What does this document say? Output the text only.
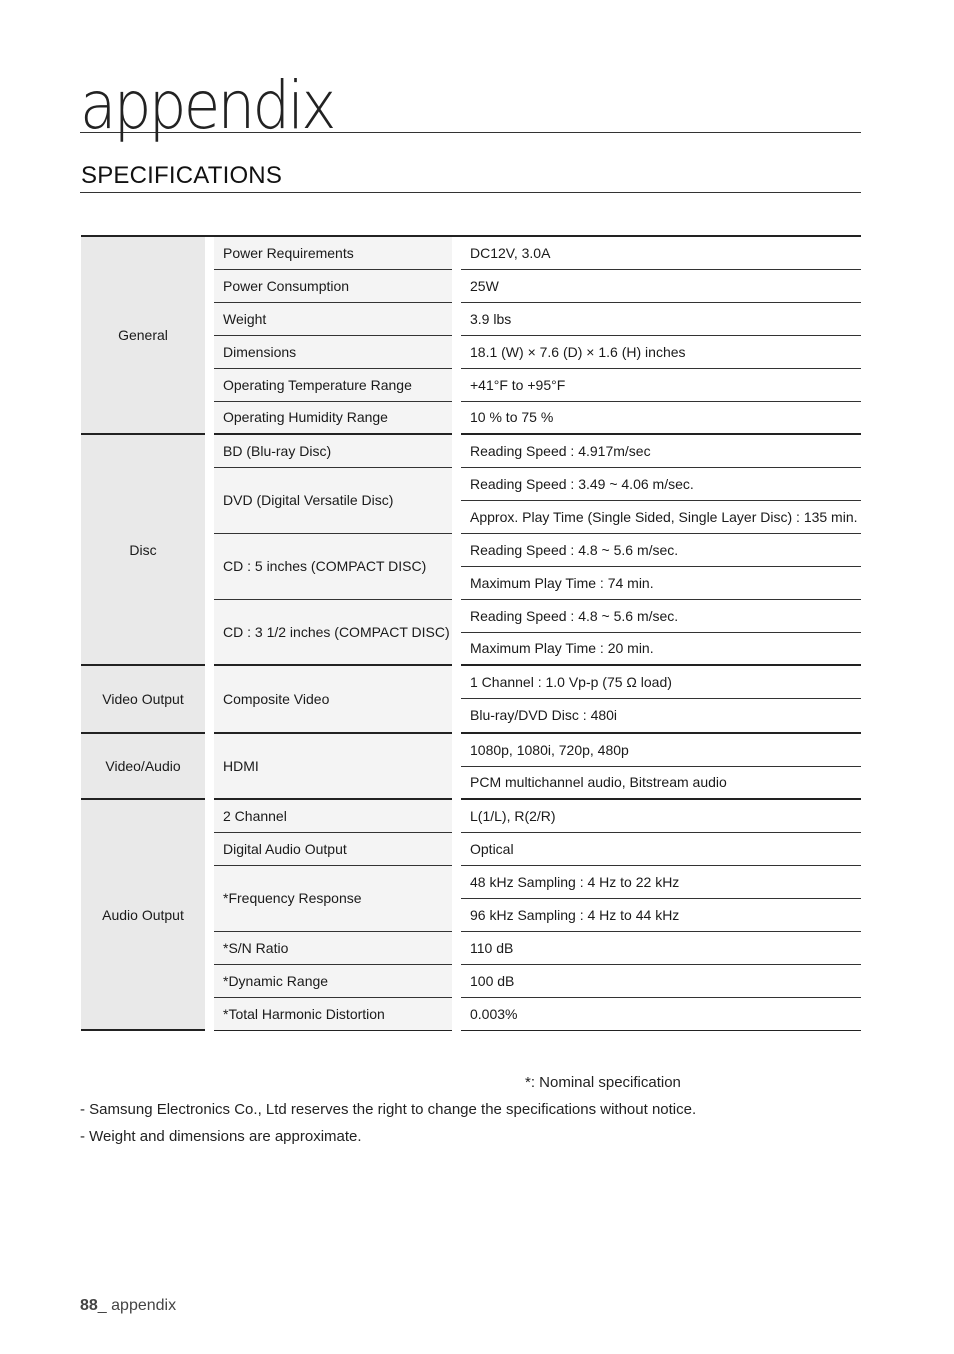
appendix
SPECIFICATIONS
General		Power Requirements		DC12V, 3.0A
		Power Consumption		25W
		Weight		3.9 lbs
		Dimensions		18.1 (W) × 7.6 (D) × 1.6 (H) inches
		Operating Temperature Range		+41°F to +95°F
		Operating Humidity Range		10 % to 75 %
Disc		BD (Blu-ray Disc)		Reading Speed : 4.917m/sec
		DVD (Digital Versatile Disc)		Reading Speed : 3.49 ~ 4.06 m/sec.
				Approx. Play Time (Single Sided, Single Layer Disc) : 135 min.
		CD : 5 inches (COMPACT DISC)		Reading Speed : 4.8 ~ 5.6 m/sec.
				Maximum Play Time : 74 min.
		CD : 3 1/2 inches (COMPACT DISC)		Reading Speed : 4.8 ~ 5.6 m/sec.
				Maximum Play Time : 20 min.
Video Output		Composite Video		1 Channel : 1.0 Vp-p (75 Ω load)
				Blu-ray/DVD Disc : 480i
Video/Audio		HDMI		1080p, 1080i, 720p, 480p
				PCM multichannel audio, Bitstream audio
Audio Output		2 Channel		L(1/L), R(2/R)
		Digital Audio Output		Optical
		*Frequency Response		48 kHz Sampling : 4 Hz to 22 kHz
				96 kHz Sampling : 4 Hz to 44 kHz
		*S/N Ratio		110 dB
		*Dynamic Range		100 dB
		*Total Harmonic Distortion		0.003%
*: Nominal specification
- Samsung Electronics Co., Ltd reserves the right to change the specifications without notice.
- Weight and dimensions are approximate.
88_ appendix
